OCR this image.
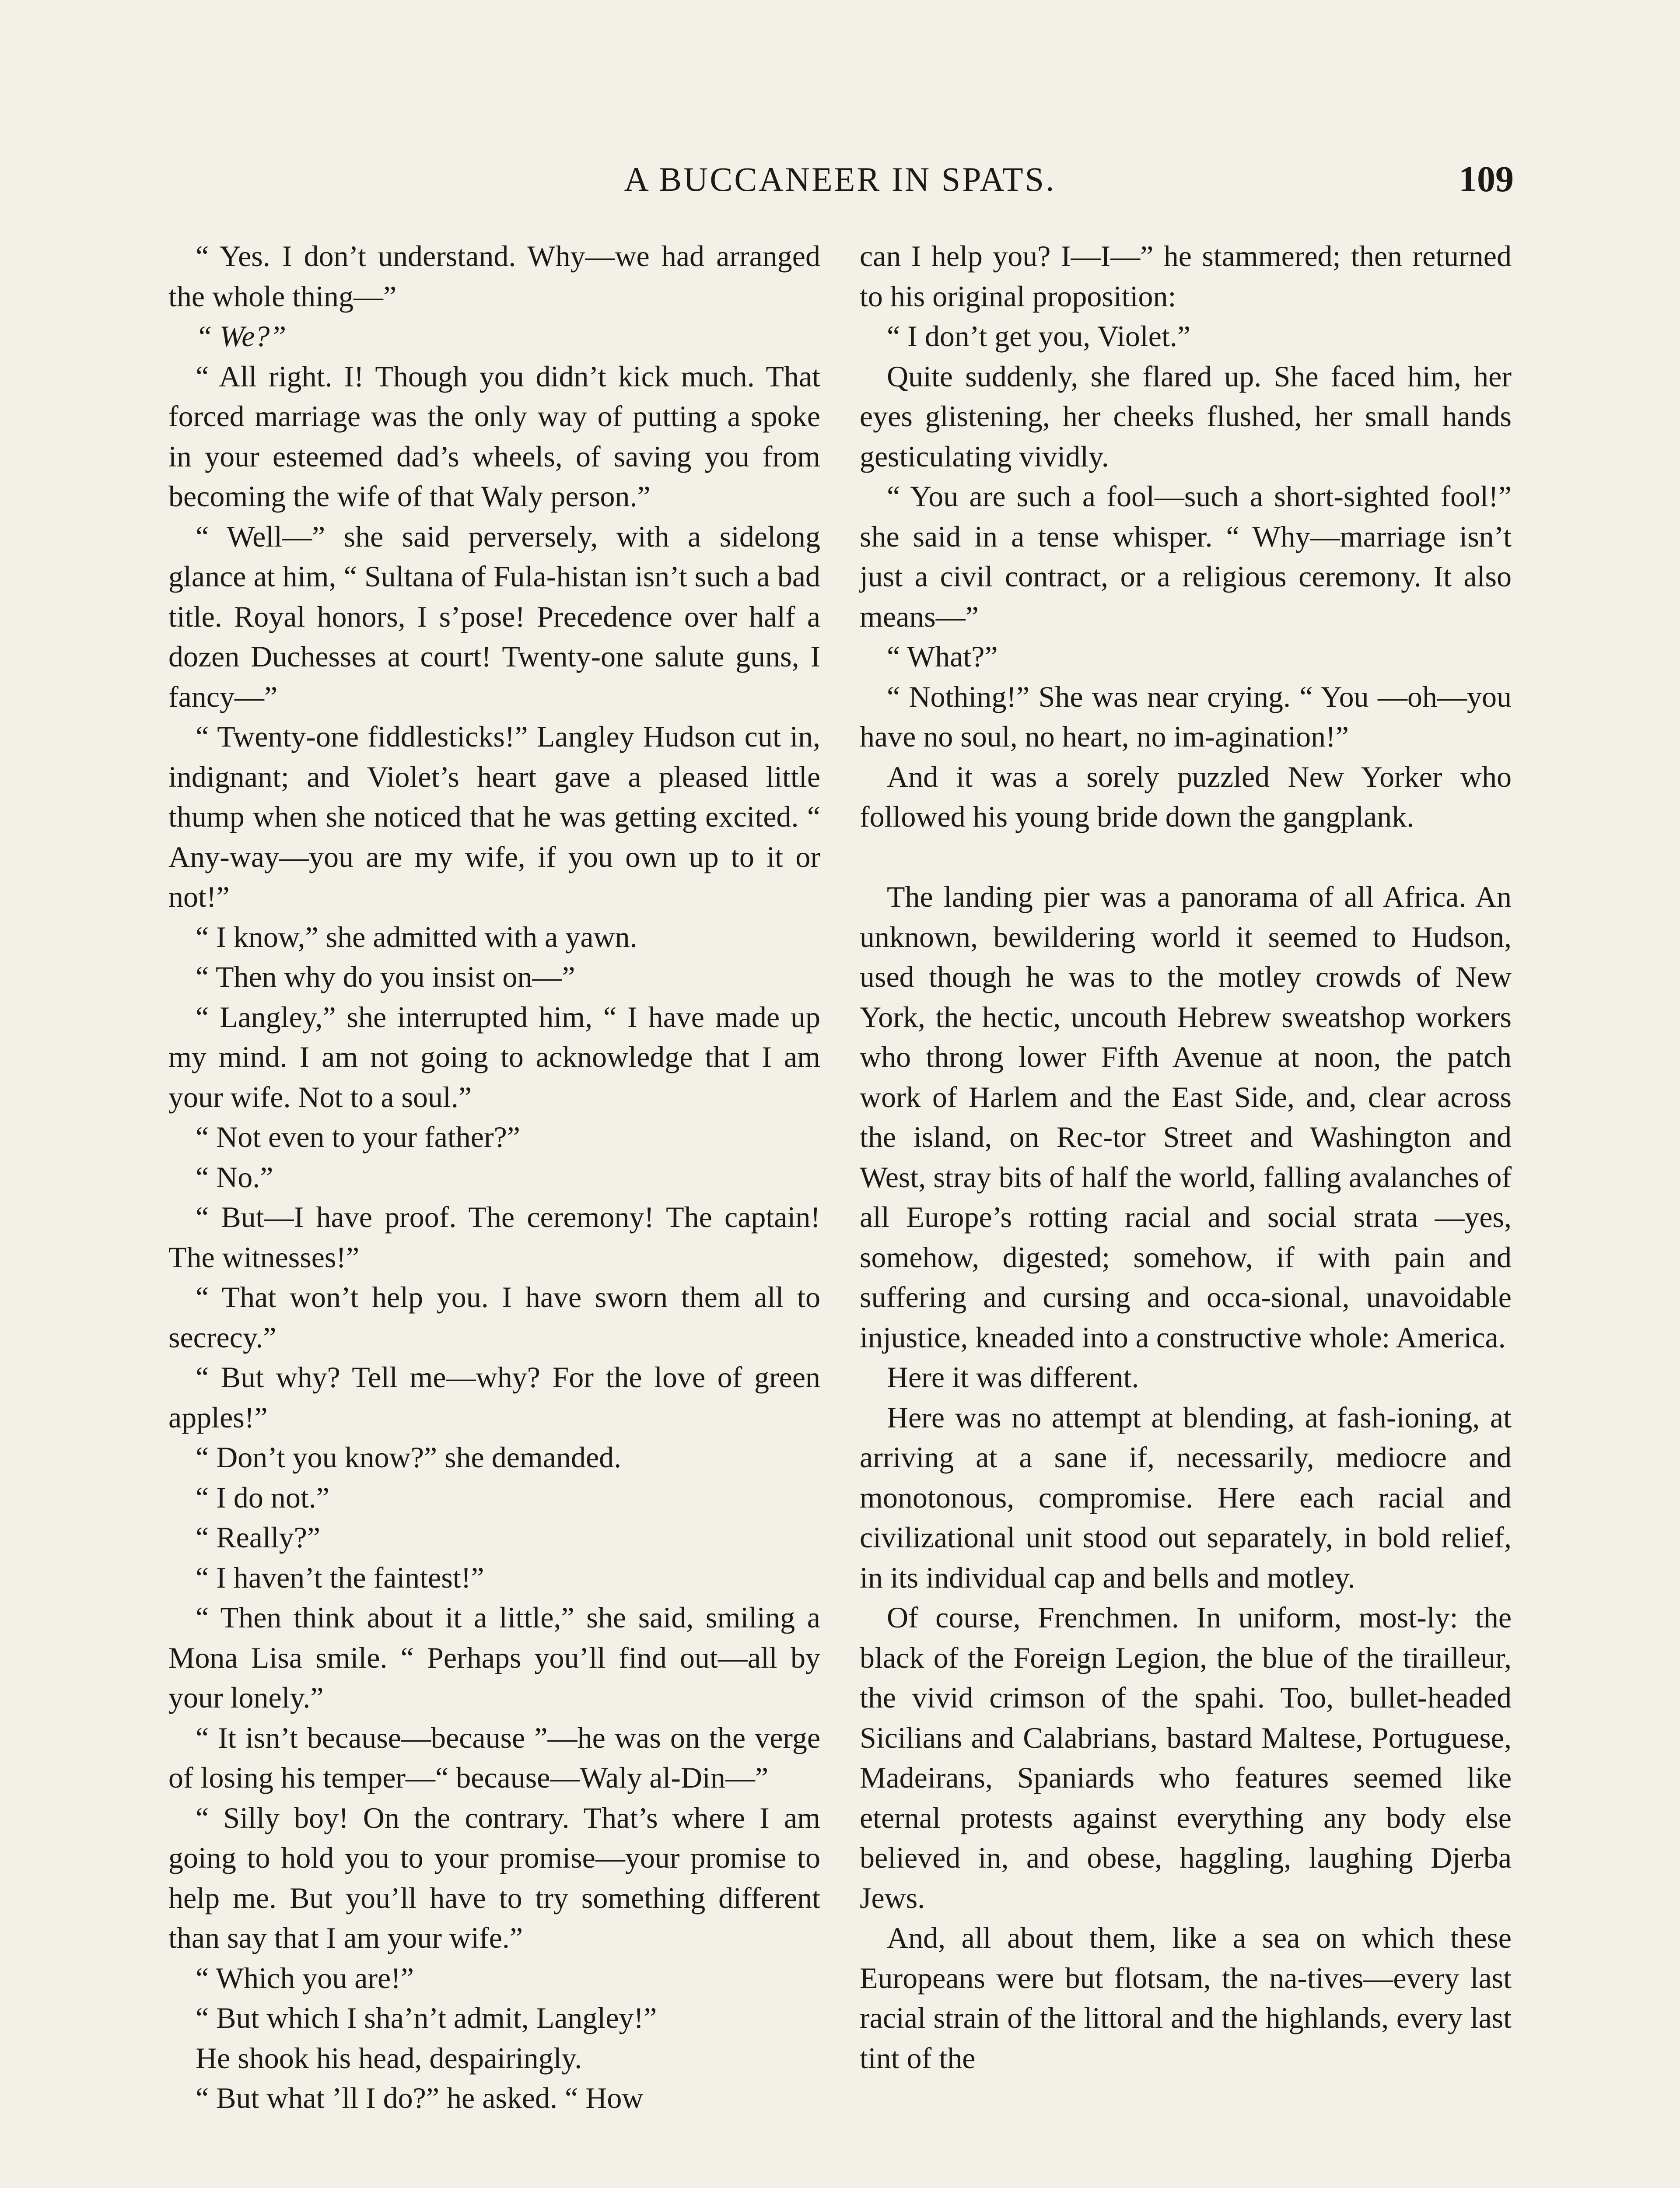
A BUCCANEER IN SPATS.	109

“ Yes. I don’t understand. Why—we had arranged the whole thing—”

“ We?”

“ All right. I! Though you didn’t kick much. That forced marriage was the only way of putting a spoke in your esteemed dad’s wheels, of saving you from becoming the wife of that Waly person.”

“ Well—” she said perversely, with a sidelong glance at him, “ Sultana of Fula-histan isn’t such a bad title. Royal honors, I s’pose! Precedence over half a dozen Duchesses at court! Twenty-one salute guns, I fancy—”

“ Twenty-one fiddlesticks!” Langley Hudson cut in, indignant; and Violet’s heart gave a pleased little thump when she noticed that he was getting excited. “ Any-way—you are my wife, if you own up to it or not!”

“ I know,” she admitted with a yawn.

“ Then why do you insist on—”

“ Langley,” she interrupted him, “ I have made up my mind. I am not going to acknowledge that I am your wife. Not to a soul.”

“ Not even to your father?”

“ No.”

“ But—I have proof. The ceremony! The captain! The witnesses!”

“ That won’t help you. I have sworn them all to secrecy.”

“ But why? Tell me—why? For the love of green apples!”

“ Don’t you know?” she demanded.

“ I do not.”

“ Really?”

“ I haven’t the faintest!”

“ Then think about it a little,” she said, smiling a Mona Lisa smile. “ Perhaps you’ll find out—all by your lonely.”

“ It isn’t because—because ”—he was on the verge of losing his temper—“ because—Waly al-Din—”

“ Silly boy! On the contrary. That’s where I am going to hold you to your promise—your promise to help me. But you’ll have to try something different than say that I am your wife.”

“ Which you are!”

“ But which I sha’n’t admit, Langley!”

He shook his head, despairingly.

“ But what ’ll I do?” he asked. “ How

can I help you? I—I—” he stammered; then returned to his original proposition:

“ I don’t get you, Violet.”

Quite suddenly, she flared up. She faced him, her eyes glistening, her cheeks flushed, her small hands gesticulating vividly.

“ You are such a fool—such a short-sighted fool!” she said in a tense whisper. “ Why—marriage isn’t just a civil contract, or a religious ceremony. It also means—”

“ What?”

“ Nothing!” She was near crying. “ You —oh—you have no soul, no heart, no im-agination!”

And it was a sorely puzzled New Yorker who followed his young bride down the gangplank.

The landing pier was a panorama of all Africa. An unknown, bewildering world it seemed to Hudson, used though he was to the motley crowds of New York, the hectic, uncouth Hebrew sweatshop workers who throng lower Fifth Avenue at noon, the patch work of Harlem and the East Side, and, clear across the island, on Rec-tor Street and Washington and West, stray bits of half the world, falling avalanches of all Europe’s rotting racial and social strata —yes, somehow, digested; somehow, if with pain and suffering and cursing and occa-sional, unavoidable injustice, kneaded into a constructive whole: America.

Here it was different.

Here was no attempt at blending, at fash-ioning, at arriving at a sane if, necessarily, mediocre and monotonous, compromise. Here each racial and civilizational unit stood out separately, in bold relief, in its individual cap and bells and motley.

Of course, Frenchmen. In uniform, most-ly: the black of the Foreign Legion, the blue of the tirailleur, the vivid crimson of the spahi. Too, bullet-headed Sicilians and Calabrians, bastard Maltese, Portuguese, Madeirans, Spaniards who features seemed like eternal protests against everything any body else believed in, and obese, haggling, laughing Djerba Jews.

And, all about them, like a sea on which these Europeans were but flotsam, the na-tives—every last racial strain of the littoral and the highlands, every last tint of the
